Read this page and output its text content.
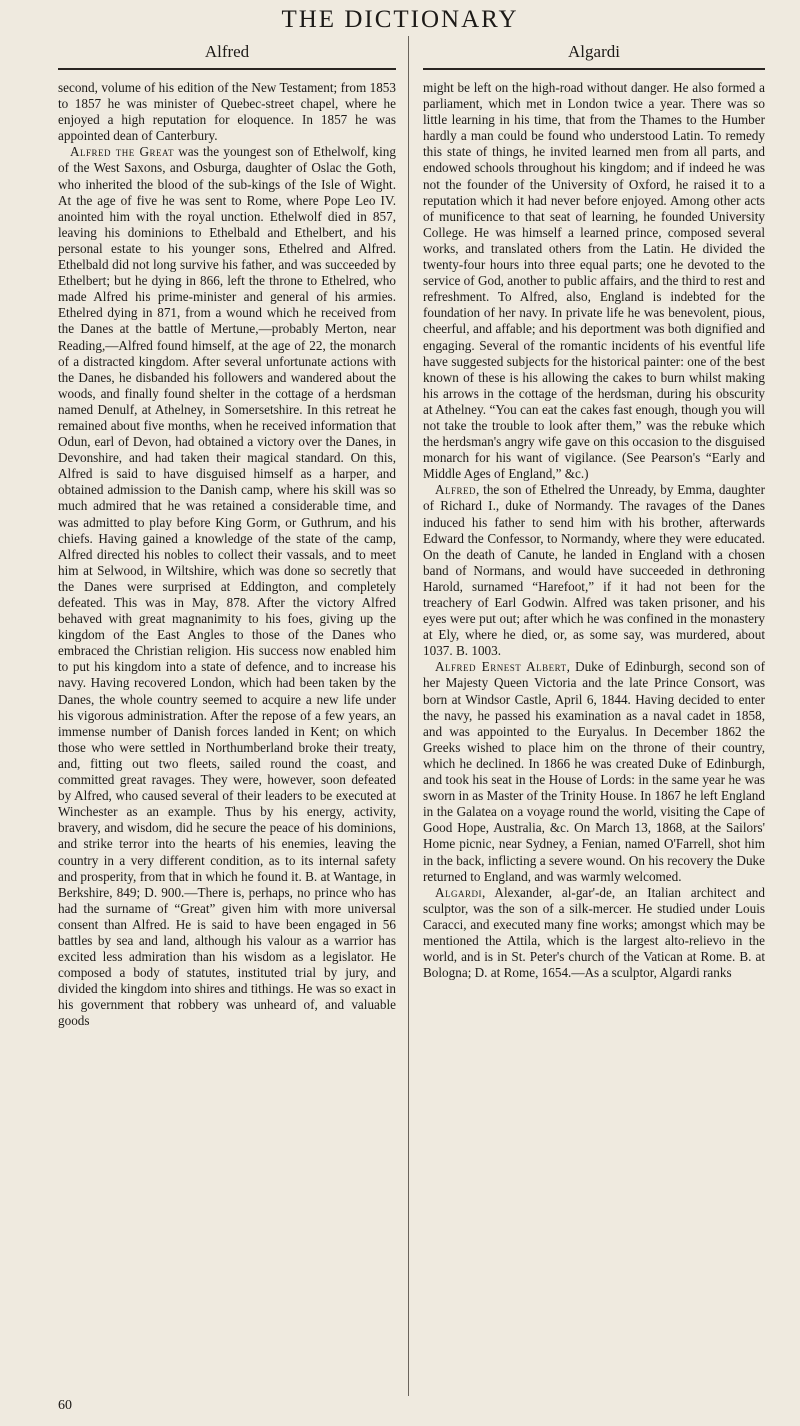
THE DICTIONARY
Alfred	Algardi

second, volume of his edition of the New Testament; from 1853 to 1857 he was minister of Quebec-street chapel, where he enjoyed a high reputation for eloquence. In 1857 he was appointed dean of Canterbury.

Alfred the Great was the youngest son of Ethelwolf, king of the West Saxons, and Osburga, daughter of Oslac the Goth, who inherited the blood of the sub-kings of the Isle of Wight. At the age of five he was sent to Rome, where Pope Leo IV. anointed him with the royal unction. Ethelwolf died in 857, leaving his dominions to Ethelbald and Ethelbert, and his personal estate to his younger sons, Ethelred and Alfred. Ethelbald did not long survive his father, and was succeeded by Ethelbert; but he dying in 866, left the throne to Ethelred, who made Alfred his prime-minister and general of his armies. Ethelred dying in 871, from a wound which he received from the Danes at the battle of Mertune,—probably Merton, near Reading,—Alfred found himself, at the age of 22, the monarch of a distracted kingdom. After several unfortunate actions with the Danes, he disbanded his followers and wandered about the woods, and finally found shelter in the cottage of a herdsman named Denulf, at Athelney, in Somersetshire. In this retreat he remained about five months, when he received information that Odun, earl of Devon, had obtained a victory over the Danes, in Devonshire, and had taken their magical standard. On this, Alfred is said to have disguised himself as a harper, and obtained admission to the Danish camp, where his skill was so much admired that he was retained a considerable time, and was admitted to play before King Gorm, or Guthrum, and his chiefs. Having gained a knowledge of the state of the camp, Alfred directed his nobles to collect their vassals, and to meet him at Selwood, in Wiltshire, which was done so secretly that the Danes were surprised at Eddington, and completely defeated. This was in May, 878. After the victory Alfred behaved with great magnanimity to his foes, giving up the kingdom of the East Angles to those of the Danes who embraced the Christian religion. His success now enabled him to put his kingdom into a state of defence, and to increase his navy. Having recovered London, which had been taken by the Danes, the whole country seemed to acquire a new life under his vigorous administration. After the repose of a few years, an immense number of Danish forces landed in Kent; on which those who were settled in Northumberland broke their treaty, and, fitting out two fleets, sailed round the coast, and committed great ravages. They were, however, soon defeated by Alfred, who caused several of their leaders to be executed at Winchester as an example. Thus by his energy, activity, bravery, and wisdom, did he secure the peace of his dominions, and strike terror into the hearts of his enemies, leaving the country in a very different condition, as to its internal safety and prosperity, from that in which he found it. B. at Wantage, in Berkshire, 849; D. 900.—There is, perhaps, no prince who has had the surname of “Great” given him with more universal consent than Alfred. He is said to have been engaged in 56 battles by sea and land, although his valour as a warrior has excited less admiration than his wisdom as a legislator. He composed a body of statutes, instituted trial by jury, and divided the kingdom into shires and tithings. He was so exact in his government that robbery was unheard of, and valuable goods

might be left on the high-road without danger. He also formed a parliament, which met in London twice a year. There was so little learning in his time, that from the Thames to the Humber hardly a man could be found who understood Latin. To remedy this state of things, he invited learned men from all parts, and endowed schools throughout his kingdom; and if indeed he was not the founder of the University of Oxford, he raised it to a reputation which it had never before enjoyed. Among other acts of munificence to that seat of learning, he founded University College. He was himself a learned prince, composed several works, and translated others from the Latin. He divided the twenty-four hours into three equal parts; one he devoted to the service of God, another to public affairs, and the third to rest and refreshment. To Alfred, also, England is indebted for the foundation of her navy. In private life he was benevolent, pious, cheerful, and affable; and his deportment was both dignified and engaging. Several of the romantic incidents of his eventful life have suggested subjects for the historical painter: one of the best known of these is his allowing the cakes to burn whilst making his arrows in the cottage of the herdsman, during his obscurity at Athelney. “You can eat the cakes fast enough, though you will not take the trouble to look after them,” was the rebuke which the herdsman's angry wife gave on this occasion to the disguised monarch for his want of vigilance. (See Pearson's “Early and Middle Ages of England,” &c.)

Alfred, the son of Ethelred the Unready, by Emma, daughter of Richard I., duke of Normandy. The ravages of the Danes induced his father to send him with his brother, afterwards Edward the Confessor, to Normandy, where they were educated. On the death of Canute, he landed in England with a chosen band of Normans, and would have succeeded in dethroning Harold, surnamed “Harefoot,” if it had not been for the treachery of Earl Godwin. Alfred was taken prisoner, and his eyes were put out; after which he was confined in the monastery at Ely, where he died, or, as some say, was murdered, about 1037. B. 1003.

Alfred Ernest Albert, Duke of Edinburgh, second son of her Majesty Queen Victoria and the late Prince Consort, was born at Windsor Castle, April 6, 1844. Having decided to enter the navy, he passed his examination as a naval cadet in 1858, and was appointed to the Euryalus. In December 1862 the Greeks wished to place him on the throne of their country, which he declined. In 1866 he was created Duke of Edinburgh, and took his seat in the House of Lords: in the same year he was sworn in as Master of the Trinity House. In 1867 he left England in the Galatea on a voyage round the world, visiting the Cape of Good Hope, Australia, &c. On March 13, 1868, at the Sailors' Home picnic, near Sydney, a Fenian, named O'Farrell, shot him in the back, inflicting a severe wound. On his recovery the Duke returned to England, and was warmly welcomed.

Algardi, Alexander, al-gar'-de, an Italian architect and sculptor, was the son of a silk-mercer. He studied under Louis Caracci, and executed many fine works; amongst which may be mentioned the Attila, which is the largest alto-relievo in the world, and is in St. Peter's church of the Vatican at Rome. B. at Bologna; D. at Rome, 1654.—As a sculptor, Algardi ranks

60
